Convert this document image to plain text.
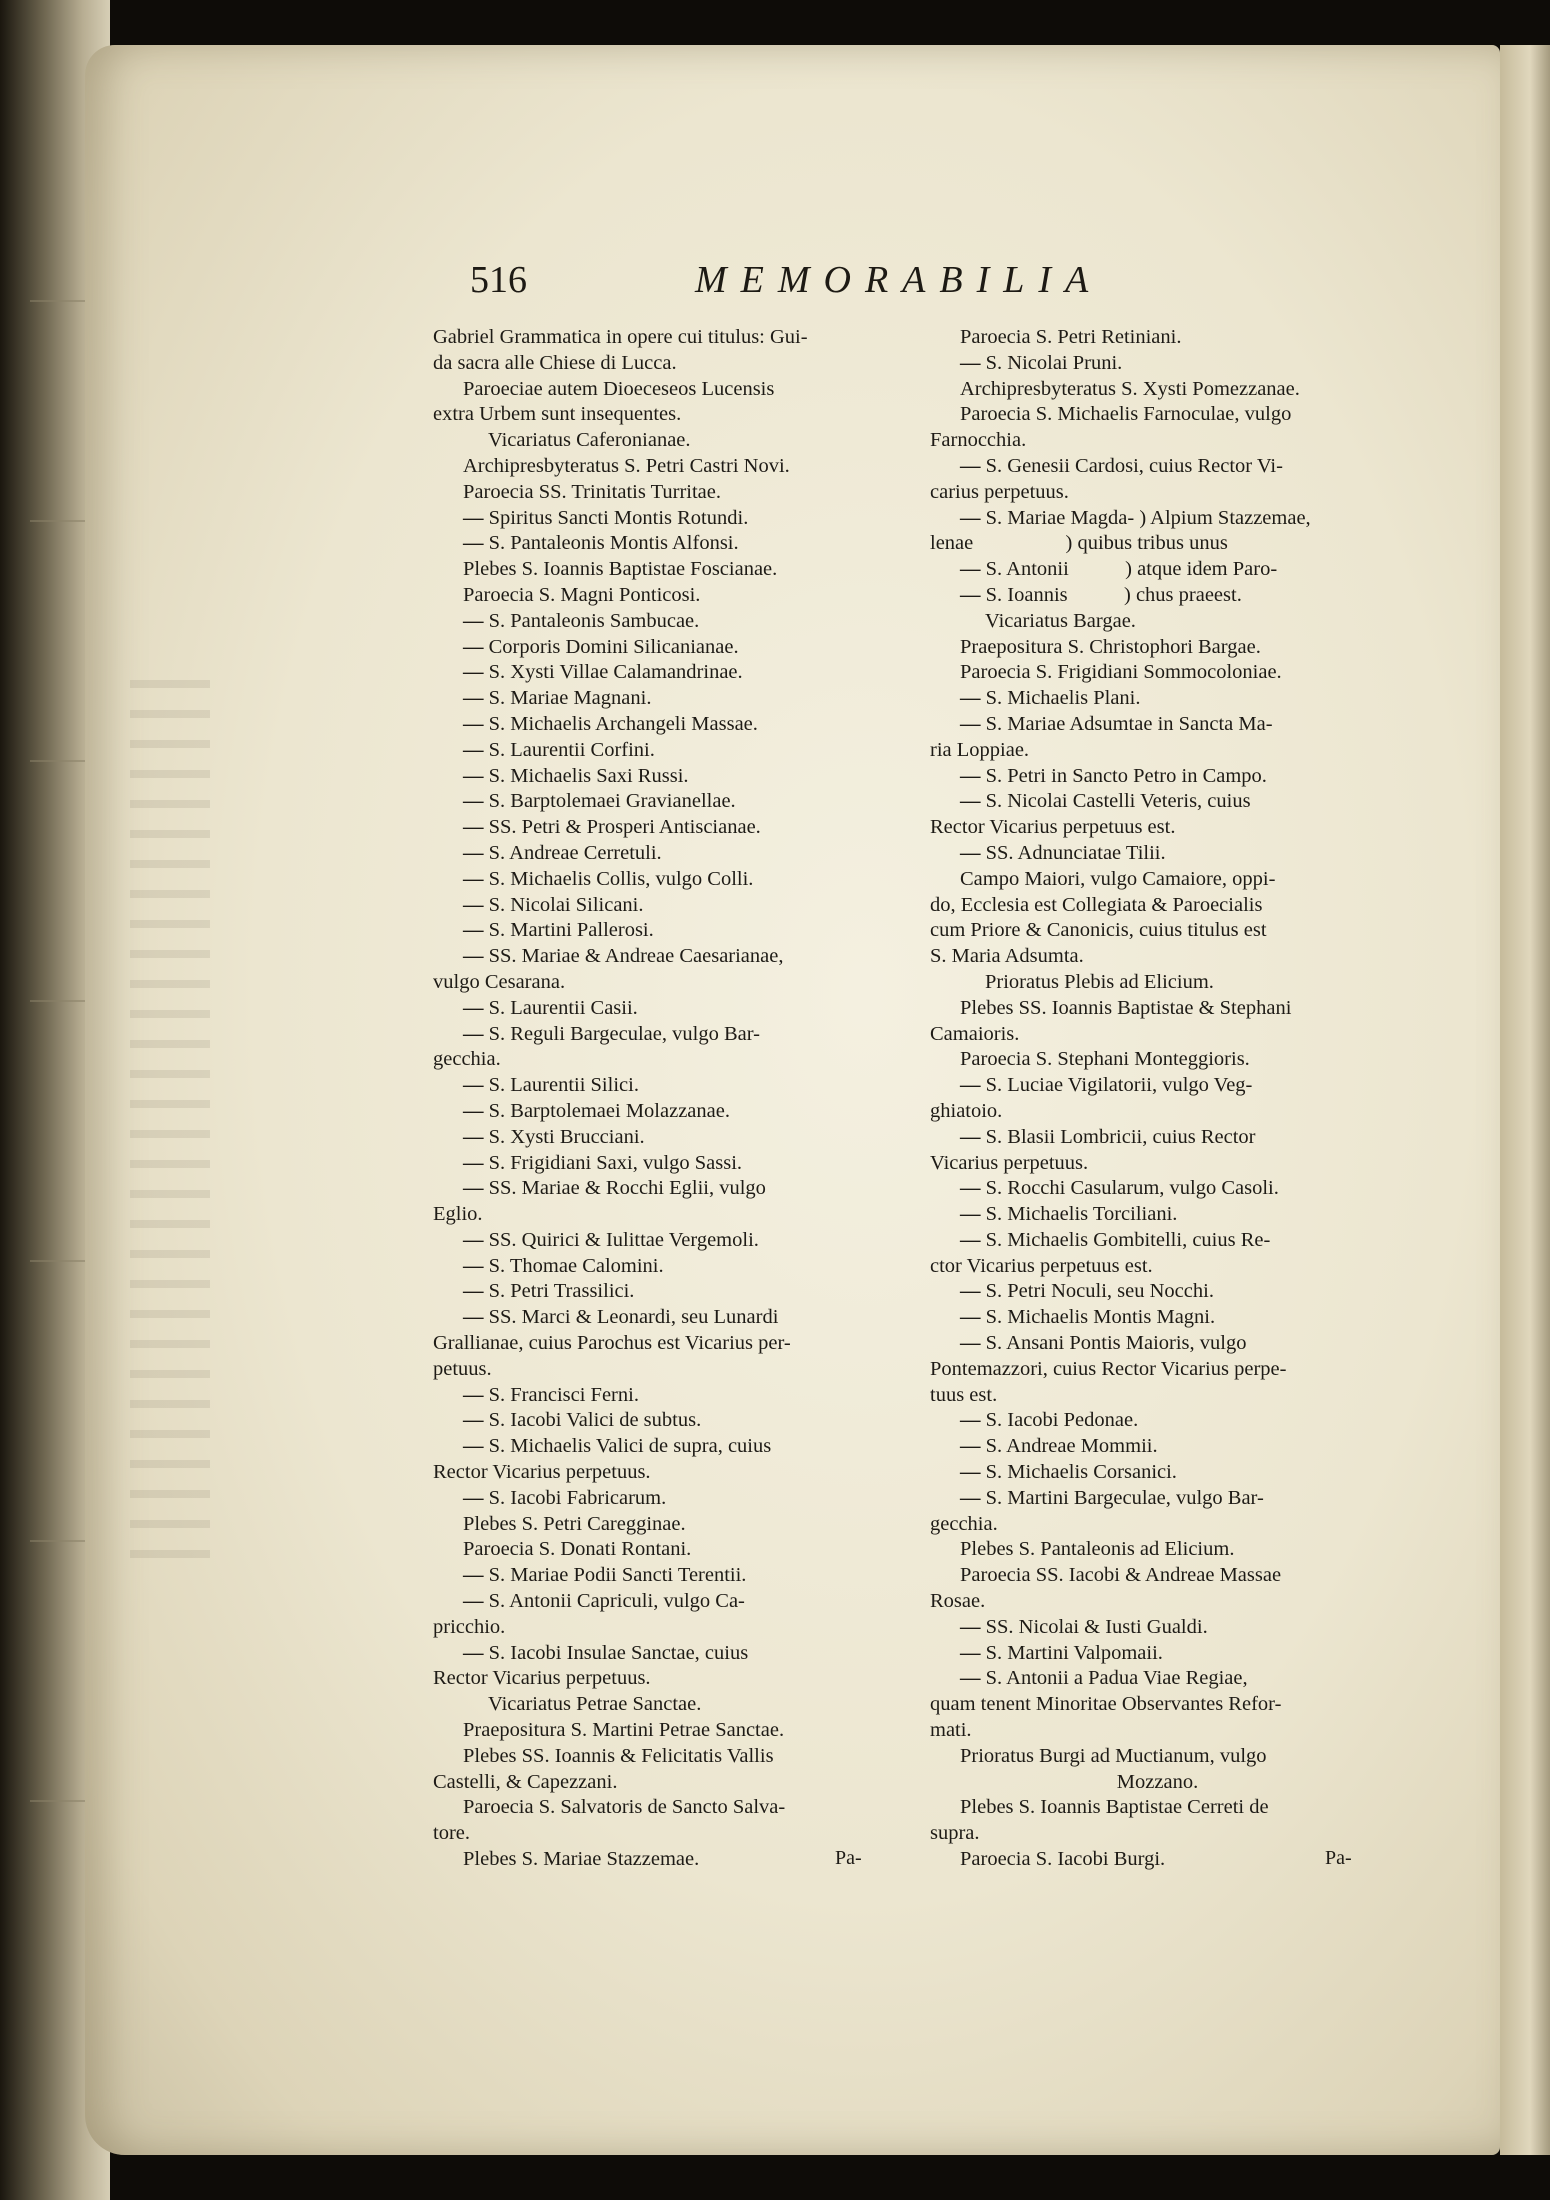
516	MEMORABILIA
Gabriel Grammatica in opere cui titulus: Gui-
da sacra alle Chiese di Lucca.
Paroeciae autem Dioeceseos Lucensis
extra Urbem sunt insequentes.
Vicariatus Caferonianae.
Archipresbyteratus S. Petri Castri Novi.
Paroecia SS. Trinitatis Turritae.
— Spiritus Sancti Montis Rotundi.
— S. Pantaleonis Montis Alfonsi.
Plebes S. Ioannis Baptistae Foscianae.
Paroecia S. Magni Ponticosi.
— S. Pantaleonis Sambucae.
— Corporis Domini Silicanianae.
— S. Xysti Villae Calamandrinae.
— S. Mariae Magnani.
— S. Michaelis Archangeli Massae.
— S. Laurentii Corfini.
— S. Michaelis Saxi Russi.
— S. Barptolemaei Gravianellae.
— SS. Petri & Prosperi Antiscianae.
— S. Andreae Cerretuli.
— S. Michaelis Collis, vulgo Colli.
— S. Nicolai Silicani.
— S. Martini Pallerosi.
— SS. Mariae & Andreae Caesarianae,
vulgo Cesarana.
— S. Laurentii Casii.
— S. Reguli Bargeculae, vulgo Bar-
gecchia.
— S. Laurentii Silici.
— S. Barptolemaei Molazzanae.
— S. Xysti Brucciani.
— S. Frigidiani Saxi, vulgo Sassi.
— SS. Mariae & Rocchi Eglii, vulgo
Eglio.
— SS. Quirici & Iulittae Vergemoli.
— S. Thomae Calomini.
— S. Petri Trassilici.
— SS. Marci & Leonardi, seu Lunardi
Grallianae, cuius Parochus est Vicarius per-
petuus.
— S. Francisci Ferni.
— S. Iacobi Valici de subtus.
— S. Michaelis Valici de supra, cuius
Rector Vicarius perpetuus.
— S. Iacobi Fabricarum.
Plebes S. Petri Caregginae.
Paroecia S. Donati Rontani.
— S. Mariae Podii Sancti Terentii.
— S. Antonii Capriculi, vulgo Ca-
pricchio.
— S. Iacobi Insulae Sanctae, cuius
Rector Vicarius perpetuus.
Vicariatus Petrae Sanctae.
Praepositura S. Martini Petrae Sanctae.
Plebes SS. Ioannis & Felicitatis Vallis
Castelli, & Capezzani.
Paroecia S. Salvatoris de Sancto Salva-
tore.
Plebes S. Mariae Stazzemae.
Paroecia S. Petri Retiniani.
— S. Nicolai Pruni.
Archipresbyteratus S. Xysti Pomezzanae.
Paroecia S. Michaelis Farnoculae, vulgo
Farnocchia.
— S. Genesii Cardosi, cuius Rector Vi-
carius perpetuus.
— S. Mariae Magda- ) Alpium Stazzemae,
lenae                  ) quibus tribus unus
— S. Antonii           ) atque idem Paro-
— S. Ioannis           ) chus praeest.
Vicariatus Bargae.
Praepositura S. Christophori Bargae.
Paroecia S. Frigidiani Sommocoloniae.
— S. Michaelis Plani.
— S. Mariae Adsumtae in Sancta Ma-
ria Loppiae.
— S. Petri in Sancto Petro in Campo.
— S. Nicolai Castelli Veteris, cuius
Rector Vicarius perpetuus est.
— SS. Adnunciatae Tilii.
Campo Maiori, vulgo Camaiore, oppi-
do, Ecclesia est Collegiata & Paroecialis
cum Priore & Canonicis, cuius titulus est
S. Maria Adsumta.
Prioratus Plebis ad Elicium.
Plebes SS. Ioannis Baptistae & Stephani
Camaioris.
Paroecia S. Stephani Monteggioris.
— S. Luciae Vigilatorii, vulgo Veg-
ghiatoio.
— S. Blasii Lombricii, cuius Rector
Vicarius perpetuus.
— S. Rocchi Casularum, vulgo Casoli.
— S. Michaelis Torciliani.
— S. Michaelis Gombitelli, cuius Re-
ctor Vicarius perpetuus est.
— S. Petri Noculi, seu Nocchi.
— S. Michaelis Montis Magni.
— S. Ansani Pontis Maioris, vulgo
Pontemazzori, cuius Rector Vicarius perpe-
tuus est.
— S. Iacobi Pedonae.
— S. Andreae Mommii.
— S. Michaelis Corsanici.
— S. Martini Bargeculae, vulgo Bar-
gecchia.
Plebes S. Pantaleonis ad Elicium.
Paroecia SS. Iacobi & Andreae Massae
Rosae.
— SS. Nicolai & Iusti Gualdi.
— S. Martini Valpomaii.
— S. Antonii a Padua Viae Regiae,
quam tenent Minoritae Observantes Refor-
mati.
Prioratus Burgi ad Muctianum, vulgo
Mozzano.
Plebes S. Ioannis Baptistae Cerreti de
supra.
Paroecia S. Iacobi Burgi.
Pa-	Pa-
